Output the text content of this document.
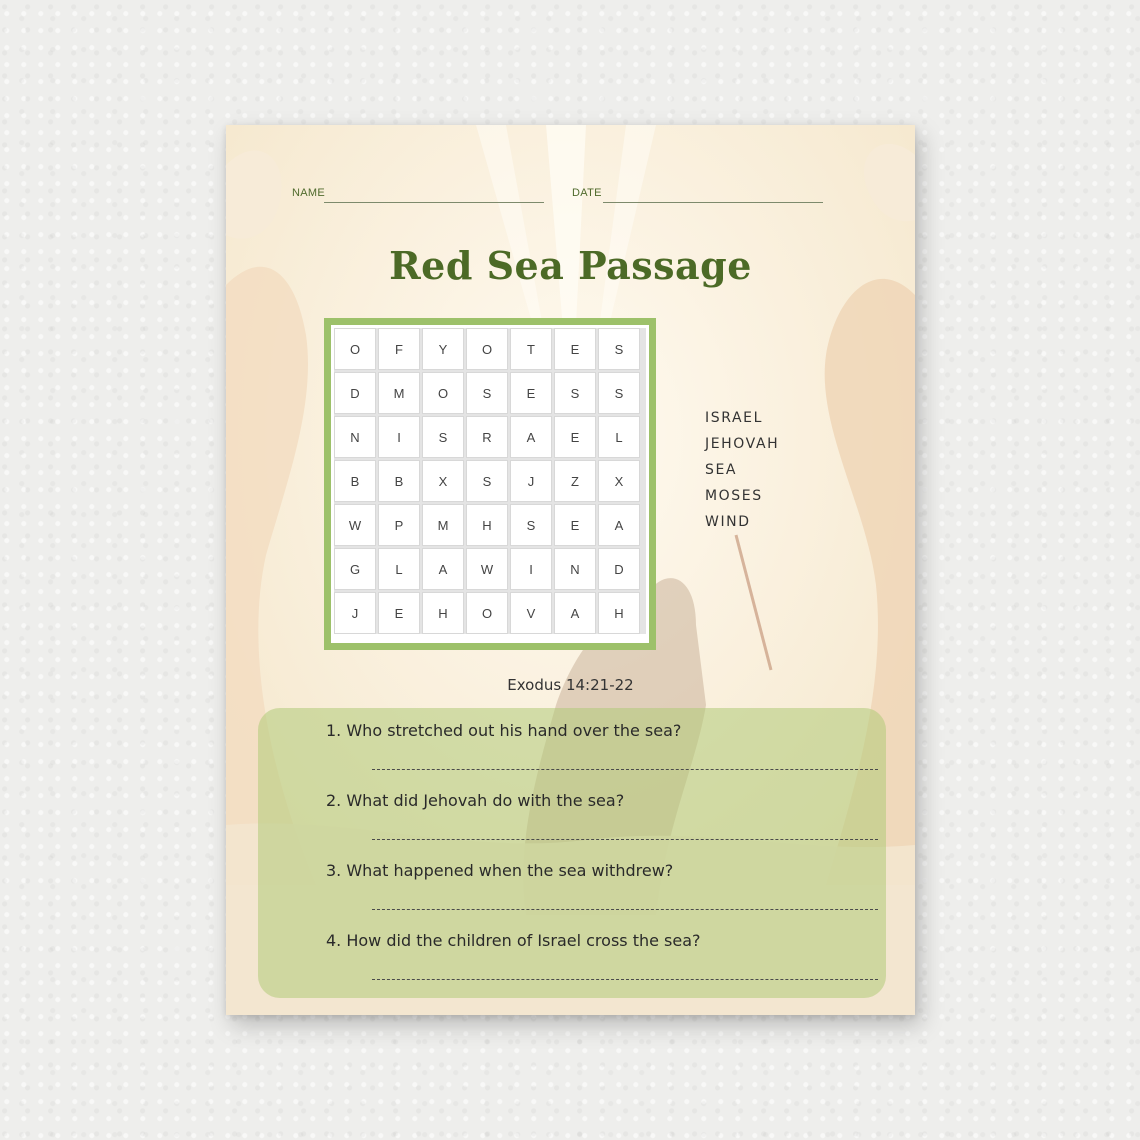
NAME	DATE
Red Sea Passage
O	F	Y	O	T	E	S
D	M	O	S	E	S	S
N	I	S	R	A	E	L
B	B	X	S	J	Z	X
W	P	M	H	S	E	A
G	L	A	W	I	N	D
J	E	H	O	V	A	H
ISRAEL
JEHOVAH
SEA
MOSES
WIND
Exodus 14:21-22
1. Who stretched out his hand over the sea?
2. What did Jehovah do with the sea?
3. What happened when the sea withdrew?
4. How did the children of Israel cross the sea?
